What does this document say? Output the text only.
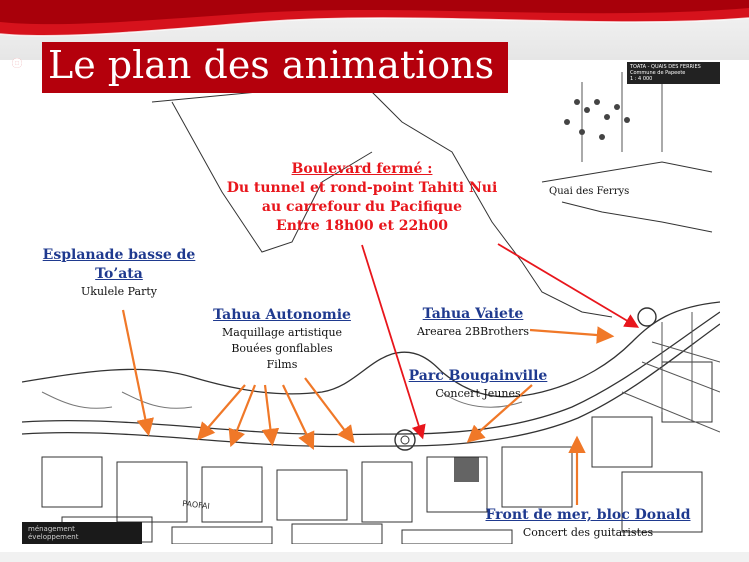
PAOFAI
TOATA - QUAIS DES FERRIES
Commune de Papeete
1 : 4 000
ménagement
éveloppement
Le plan des animations
Boulevard fermé :
Du tunnel et rond-point Tahiti Nui
au carrefour du Pacifique
Entre 18h00 et 22h00
Quai des Ferrys
Esplanade basse de
To’ata
Ukulele Party
Tahua Autonomie
Maquillage artistique
Bouées gonflables
Films
Tahua Vaiete
Arearea 2BBrothers
Parc Bougainville
Concert Jeunes
Front de mer, bloc Donald
Concert des guitaristes
